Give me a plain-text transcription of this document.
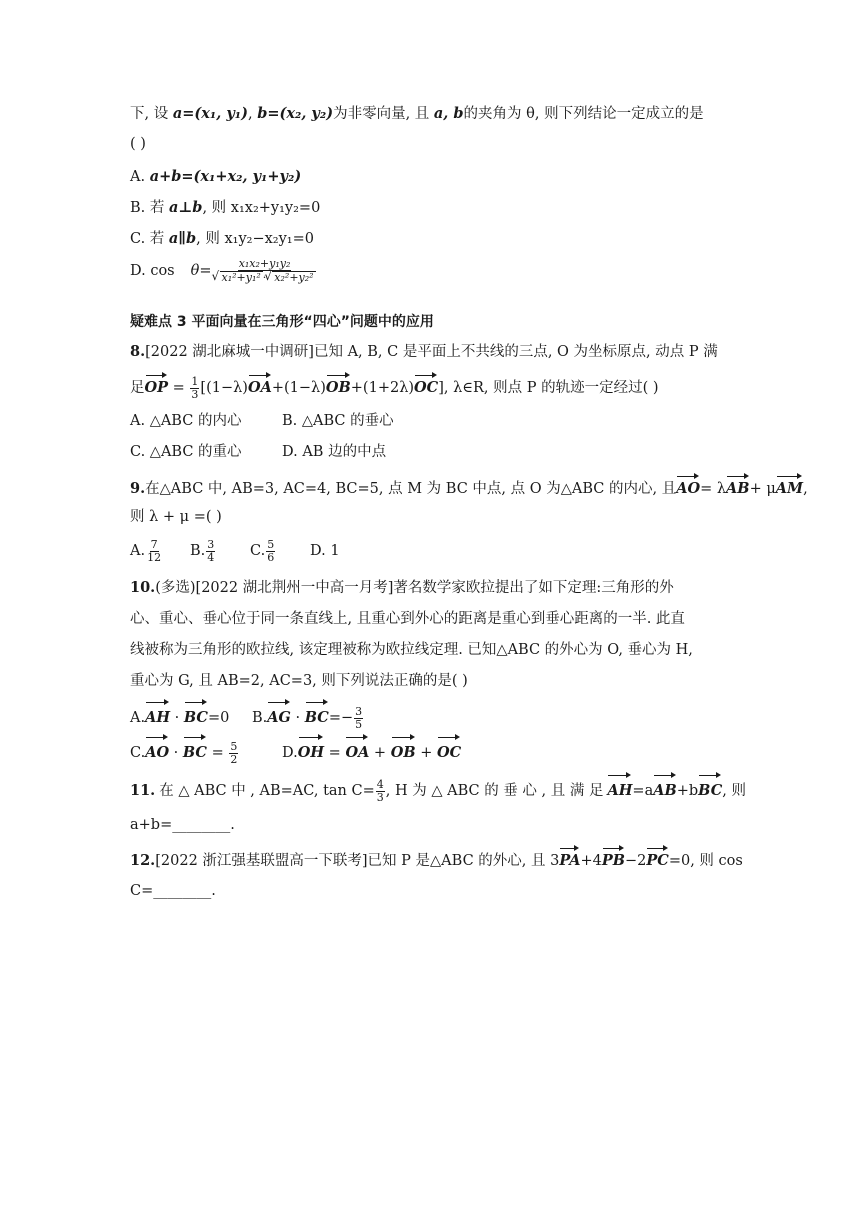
下, 设 a=(x₁, y₁), b=(x₂, y₂)为非零向量, 且 a, b的夹角为 θ, 则下列结论一定成立的是
( )
A. a+b=(x₁+x₂, y₁+y₂)
B. 若 a⊥b, 则 x₁x₂+y₁y₂=0
C. 若 a∥b, 则 x₁y₂−x₂y₁=0
D. cos θ= x₁x₂+y₁y₂
√ x₁²+y₁² ·√ x₂²+y₂²
疑难点 3 平面向量在三角形“四心”问题中的应用
8.[2022 湖北麻城一中调研]已知 A, B, C 是平面上不共线的三点, O 为坐标原点, 动点 P 满
足OP = $\frac{1}{3} [(1-\lambda)OA+(1-\lambda)OB+(1+2\lambda)OC]$, λ∈R, 则点 P 的轨迹一定经过( )
A. △ABC 的内心	B. △ABC 的垂心
C. △ABC 的重心	D. AB 边的中点
9.在△ABC 中, AB=3, AC=4, BC=5, 点 M 为 BC 中点, 点 O 为△ABC 的内心, 且AO= λAB+ μAM,
则 λ + μ =( )
A. $\frac{7}{12} B$. $\frac{3}{4} C$. $\frac{5}{6} D$. 1
10.(多选)[2022 湖北荆州一中高一月考]著名数学家欧拉提出了如下定理:三角形的外
心、重心、垂心位于同一条直线上, 且重心到外心的距离是重心到垂心距离的一半. 此直
线被称为三角形的欧拉线, 该定理被称为欧拉线定理. 已知△ABC 的外心为 O, 垂心为 H,
重心为 G, 且 AB=2, AC=3, 则下列说法正确的是( )
A.AH · BC=0 $B.AG \cdot BC=- \frac{3}{5}$
C.AO · BC = $\frac{5}{2}$	D.OH = OA + OB + OC
11. 在 △ ABC 中 , AB=AC, $\tan C= \frac{4}{3}$ , H 为 △ ABC 的 垂 心 , 且 满 足 AH=aAB+bBC, 则
a+b=________.
12.[2022 浙江强基联盟高一下联考]已知 P 是△ABC 的外心, 且 3PA+4PB−2PC=0, 则 cos
C=________.
